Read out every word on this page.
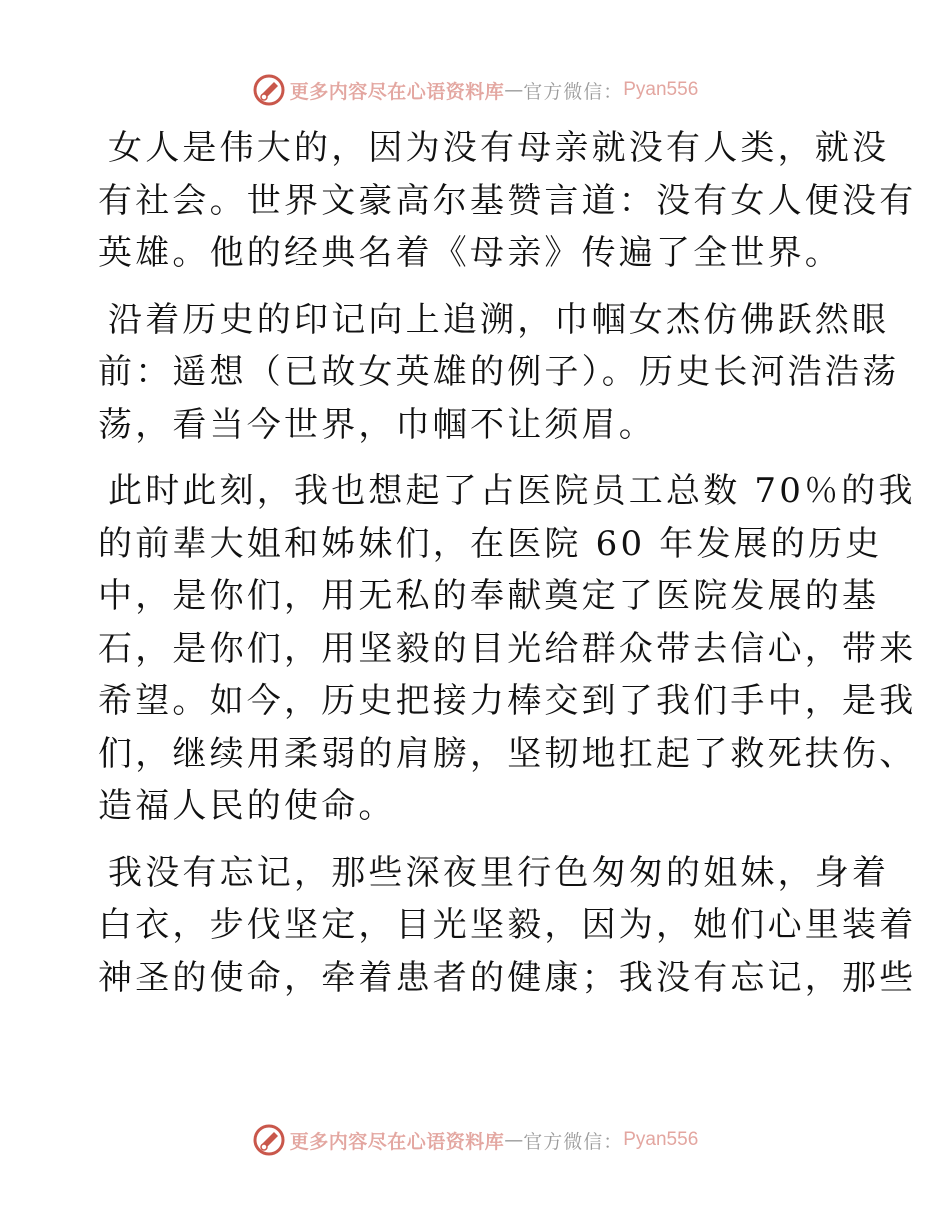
更多内容尽在心语资料库 — 官方微信： Pyan556
女人是伟大的，因为没有母亲就没有人类，就没
有社会。世界文豪高尔基赞言道：没有女人便没有
英雄。他的经典名着《母亲》传遍了全世界。
沿着历史的印记向上追溯，巾帼女杰仿佛跃然眼
前：遥想（已故女英雄的例子）。历史长河浩浩荡
荡，看当今世界，巾帼不让须眉。
此时此刻，我也想起了占医院员工总数 70％的我
的前辈大姐和姊妹们，在医院 60 年发展的历史
中，是你们，用无私的奉献奠定了医院发展的基
石，是你们，用坚毅的目光给群众带去信心，带来
希望。如今，历史把接力棒交到了我们手中，是我
们，继续用柔弱的肩膀，坚韧地扛起了救死扶伤、
造福人民的使命。
我没有忘记，那些深夜里行色匆匆的姐妹，身着
白衣，步伐坚定，目光坚毅，因为，她们心里装着
神圣的使命，牵着患者的健康；我没有忘记，那些
更多内容尽在心语资料库 — 官方微信： Pyan556
